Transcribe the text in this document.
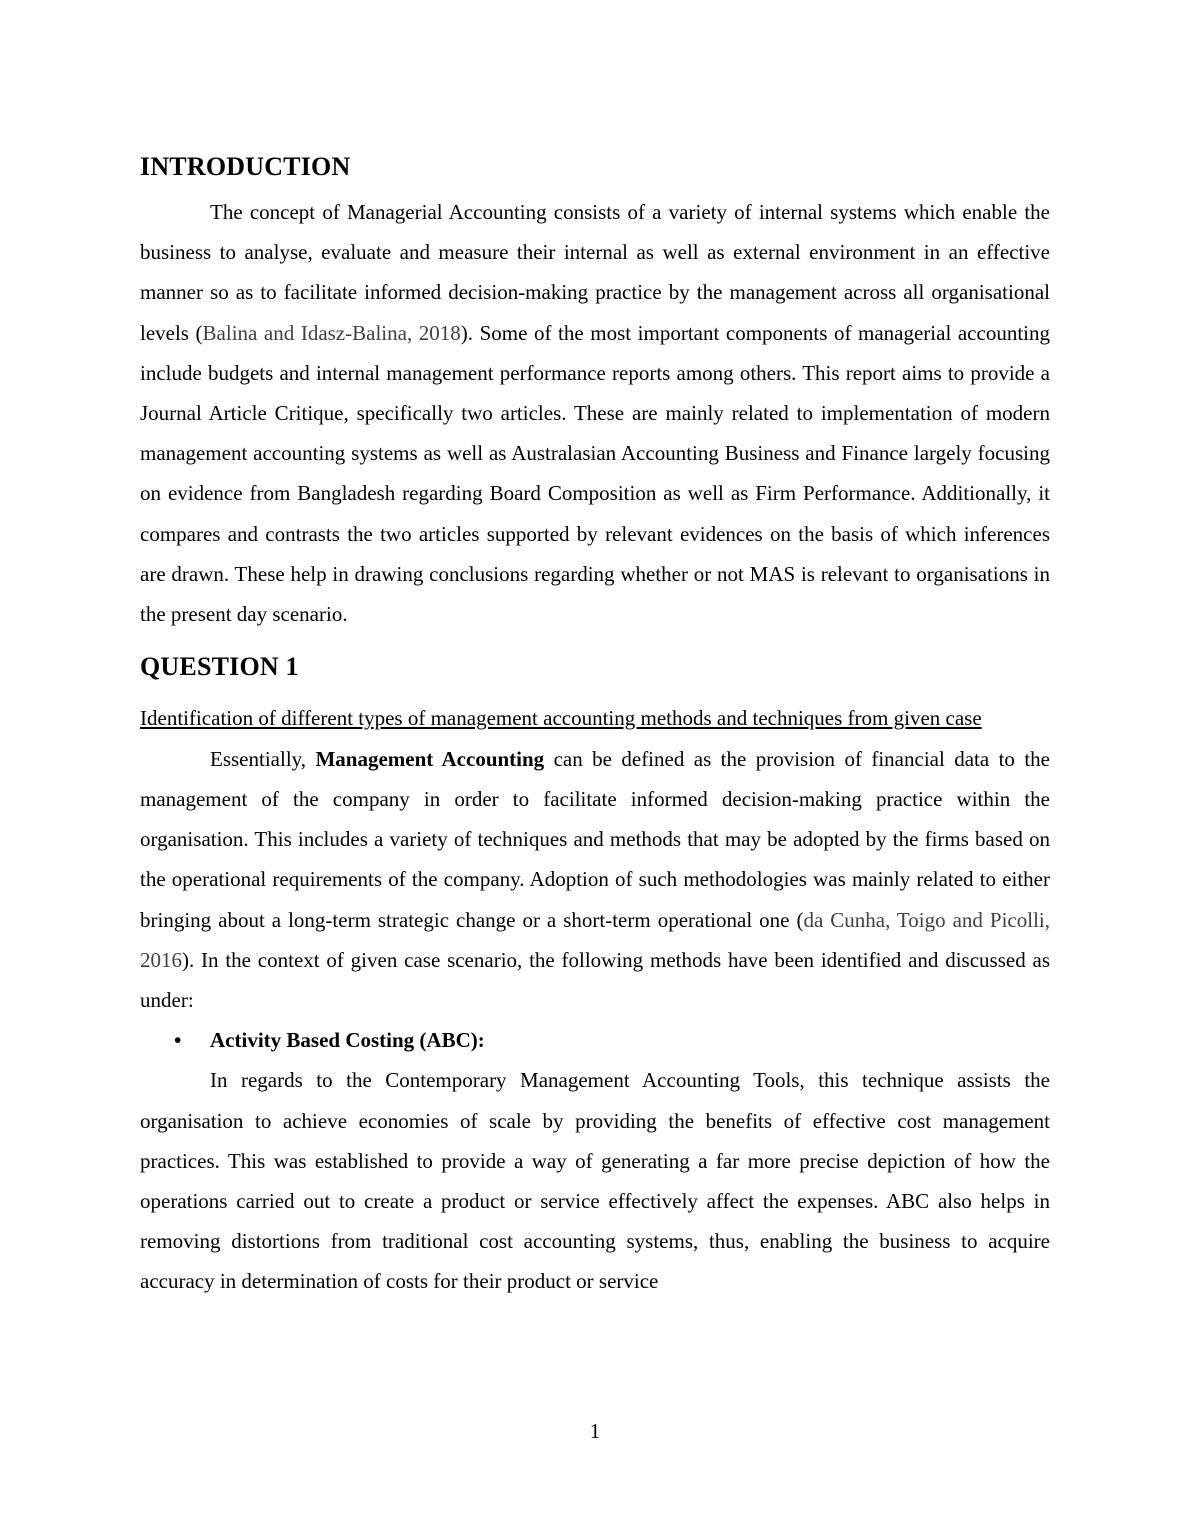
INTRODUCTION

The concept of Managerial Accounting consists of a variety of internal systems which enable the business to analyse, evaluate and measure their internal as well as external environment in an effective manner so as to facilitate informed decision-making practice by the management across all organisational levels (Balina and Idasz-Balina, 2018). Some of the most important components of managerial accounting include budgets and internal management performance reports among others. This report aims to provide a Journal Article Critique, specifically two articles. These are mainly related to implementation of modern management accounting systems as well as Australasian Accounting Business and Finance largely focusing on evidence from Bangladesh regarding Board Composition as well as Firm Performance. Additionally, it compares and contrasts the two articles supported by relevant evidences on the basis of which inferences are drawn. These help in drawing conclusions regarding whether or not MAS is relevant to organisations in the present day scenario.

QUESTION 1

Identification of different types of management accounting methods and techniques from given case

Essentially, Management Accounting can be defined as the provision of financial data to the management of the company in order to facilitate informed decision-making practice within the organisation. This includes a variety of techniques and methods that may be adopted by the firms based on the operational requirements of the company. Adoption of such methodologies was mainly related to either bringing about a long-term strategic change or a short-term operational one (da Cunha, Toigo and Picolli, 2016). In the context of given case scenario, the following methods have been identified and discussed as under:

• Activity Based Costing (ABC):

In regards to the Contemporary Management Accounting Tools, this technique assists the organisation to achieve economies of scale by providing the benefits of effective cost management practices. This was established to provide a way of generating a far more precise depiction of how the operations carried out to create a product or service effectively affect the expenses. ABC also helps in removing distortions from traditional cost accounting systems, thus, enabling the business to acquire accuracy in determination of costs for their product or service

1
